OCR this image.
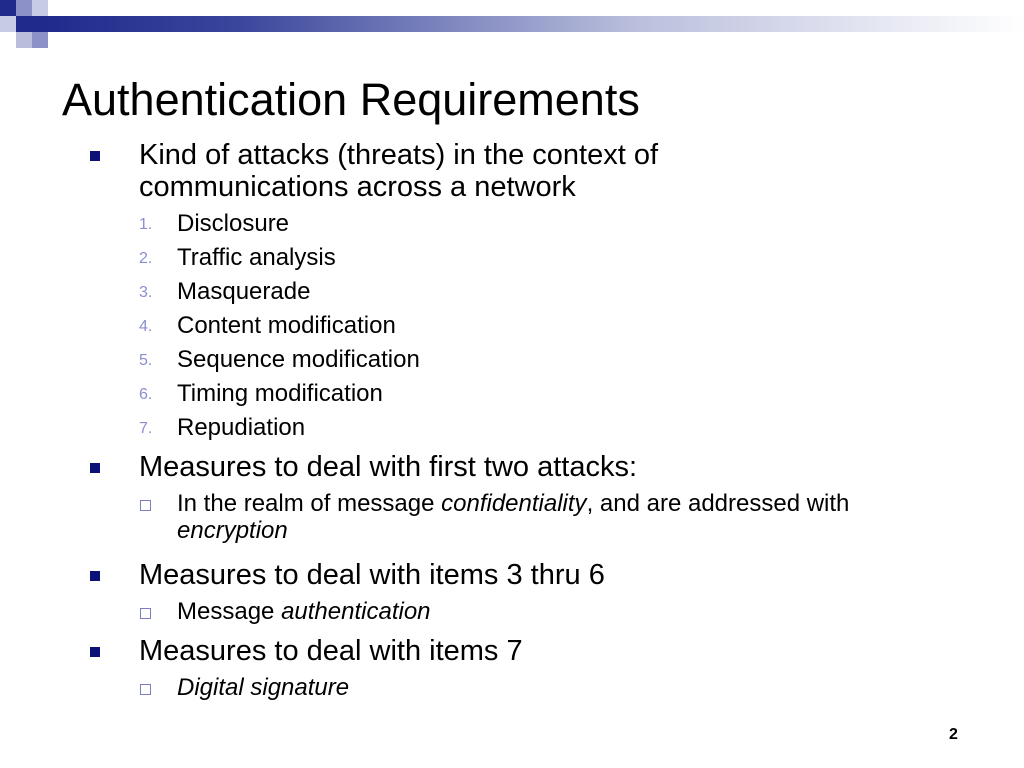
Authentication Requirements
Kind of attacks (threats) in the context of
communications across a network
1. Disclosure
2. Traffic analysis
3. Masquerade
4. Content modification
5. Sequence modification
6. Timing modification
7. Repudiation
Measures to deal with first two attacks:
In the realm of message confidentiality, and are addressed with
encryption
Measures to deal with items 3 thru 6
Message authentication
Measures to deal with items 7
Digital signature
2
